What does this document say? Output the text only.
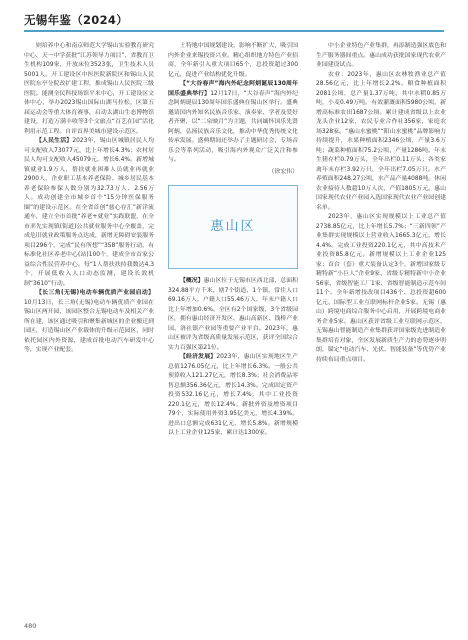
无锡年鉴（2024）

则培养中心和南京师范大学锡山实验教育研究中心、天一中学获批“江苏领导力项目”，省教育卫生机构109家，开放床位3523张，卫生技术人员5001人。开工建设区中医医院新院区和锡山人民医院东亭分院改扩建工程，推成锡山人民医院三级医院。能测全民科技场馆平米中心，开工建设区文体中心，举办2023锡山国际山湖马拉松，区第五届运动会等重大体育赛事，启动太湖山生态博物馆建设，打造万满丰收等3个文旅点“百艺在园”活化利用示范工程。自评首界美城市建设示范区。

【人民生活】2023年，锡山区城镇居民人均可支配收入73077元，比上年增长4.3%；农村居民人均可支配收入45079元，增长6.4%。新增城镇就业1.9万人，帮扶就业困难人员就业再就业2900人，企业职工基本养老保险、城乡居民基本养老保险参保人数分别为32.73万人、2.56万人。成功创建全市城乡首个“15分钟医保服务圈”的建设示范区。在全省首创“慈心存汇”新详流通车，建立全市首批“养老+就业”实践联盟，在全市率先实现镇(街道)公共就业服务中心全覆盖，完成危旧就业政策服务点达成，新增无障碍安装服务项目296个，完成“民有所想”“358”服务行动，有标准化社区养老中心(站)100个，建成全市首家公益综合性民营养中心。每“1人帮扶扶持我数达4.3个，开展低收入人口动态监测，建设长效机制“3610”行动。

【长三角(无锡)电动车辆优质产业园启动】10月13日，长三角(无锡)电动车辆优质产业园在锡山区两开园，该园区整合无锡电动车及相关产业所在建，该区通过吸引和聚集新城区的企业搬迁到园区，打造锡山区产业载体的升级示范园区，同时依托园区内外资源，建成首批电动汽车研发中心等，实现产业配套。

土特地中国规划建设，影响不断扩大，吸引国内外企业来锡投资兴业。精心组织地方特色产业招商，全年新引入重大项目65个，总投资超过300亿元，促进产业结构优化升级。

【“大谷春声”海内外纪念阿炳诞辰130周年国乐盛典举行】12月17日，“大谷春声”海内外纪念阿炳诞辰130周年国乐盛典在锡山区举行。盛典邀请国内外知名民族音乐家、演奏家、学者及爱好者齐聚，以“二泉映月”为主题，共同缅怀国乐先贤阿炳，弘扬民族音乐文化，推动中华优秀传统文化传承发展。盛典期间还举办了主题研讨会、专场音乐会等系列活动，吸引海内外观众广泛关注和参与。

（徐宏伟）

惠山区

【概况】惠山区位于无锡市区西北部，总面积324.88平方千米，辖7个街道、1个镇，常住人口69.16万人，户籍人口55.46万人，年末户籍人口比上年增加0.6%。全区有2个国家级、3个省级园区，拥有惠山经济开发区、惠山高新区、钱桥产业园、洛社镇产业园等重要产业平台。2023年，惠山区被评为省级高质量发展示范区，获评全国综合实力百强区第21位。

【经济发展】2023年，惠山区实现地区生产总值1276.05亿元，比上年增长6.3%。一般公共预算收入121.27亿元，增长8.3%；社会消费品零售总额356.36亿元，增长14.3%。完成固定资产投资532.16亿元，增长7.4%；其中工业投资220.1亿元，增长12.4%。新批外资及增资项目79个，实际使用外资3.95亿美元，增长4.39%。进出口总额完成631亿元，增长5.8%。新增规模以上工业企业125家，累计达1300家。

中小企业特色产业集群，再添制造强区底色和生产服务器间重点。惠山成功获批国家现代农业产业园建设试点。

农业：2023年，惠山区农林牧渔业总产值28.56亿元，比上年增长2.2%。粮食种植面积2081公顷，总产量1.37万吨，其中水稻0.85万吨，小麦0.49万吨。有效灌溉面积5980公顷，新增高标准农田1687公顷。累计建成省级以上农业龙头企业12家，农民专业合作社356家，家庭农场328家。“惠山水蜜桃”“阳山水蜜桃”品牌影响力持续提升，水果种植面积2346公顷，产量3.6万吨；蔬菜种植面积75.2公顷，产量1286吨。年末生猪存栏0.79万头，全年出栏0.11万头；各类家禽年末存栏3.92万只，全年出栏7.05万只。水产养殖面积248.27公顷，水产品产量4088吨。休闲农业接待人数超10万人次，产值1805万元。惠山国家现代农业产业园入选国家现代农业产业园创建名单。

2023年，惠山区实现规模以上工业总产值2738.85亿元，比上年增长5.7%；“三新四领”产业集群实现规模以上营业收入1665.3亿元，增长4.4%。完成工业投资220.1亿元，其中高技术产业投资85.8亿元。新增规模以上工业企业125家；首台（套）重大装备认定3个，新增国家级专精特新“小巨人”企业9家、省级专精特新中小企业56家，省级智能工厂1家、省级智能制造示范车间11个。全年新增技改项目436个、总投资超600亿元，国际型工业互联网标杆企业5家。无锡（惠山）跨境电商综合服务中心启用，开展跨境电商业务企业5家。惠山区获评省级工业互联网示范区，无锡惠山智能制造产业集群获评国家级先进制造业集群培育对象，全区发展新质生产力的态势逐步明朗，锚定“电动汽车、光伏、智能装备”等优势产业持续布局重点项目。

480
